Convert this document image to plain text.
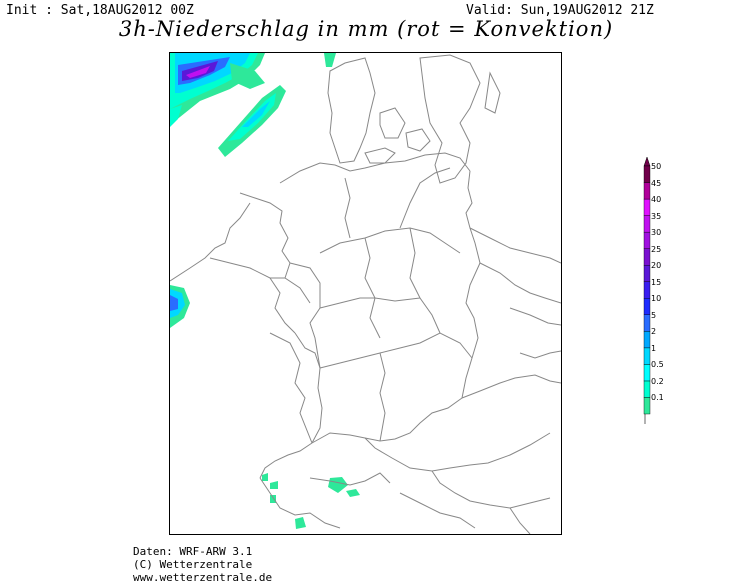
Init : Sat,18AUG2012 00Z	Valid: Sun,19AUG2012 21Z
3h-Niederschlag in mm (rot = Konvektion)
0.1
0.2
0.5
1
2
5
10
15
20
25
30
35
40
45
50
Daten: WRF-ARW 3.1
(C) Wetterzentrale
www.wetterzentrale.de
